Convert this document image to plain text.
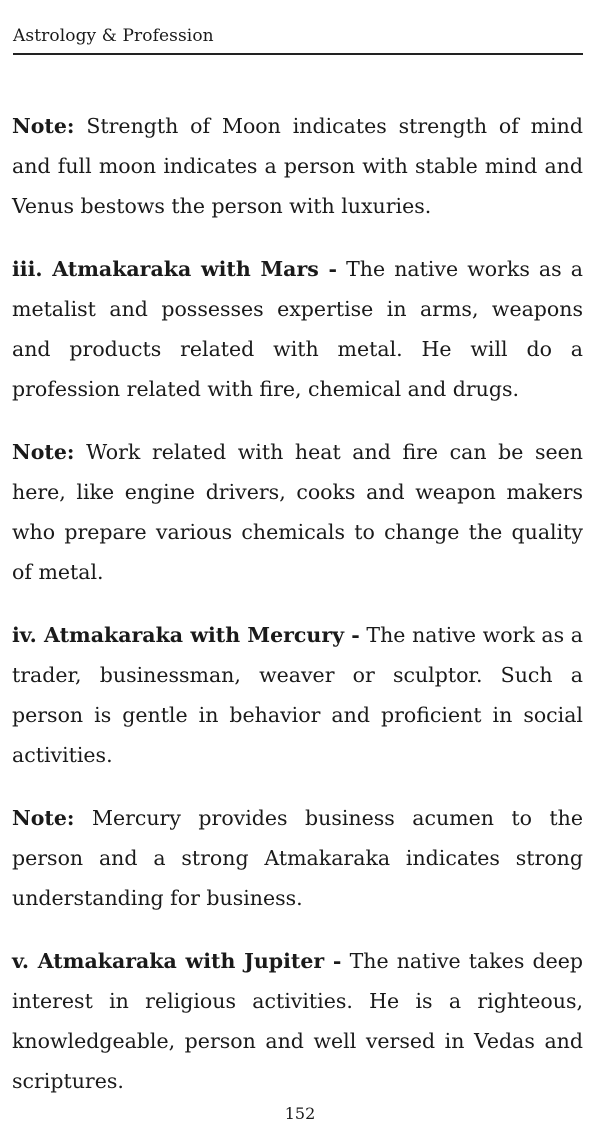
Astrology & Profession

Note: Strength of Moon indicates strength of mind and full moon indicates a person with stable mind and Venus bestows the person with luxuries.

iii. Atmakaraka with Mars - The native works as a metalist and possesses expertise in arms, weapons and products related with metal. He will do a profession related with fire, chemical and drugs.

Note: Work related with heat and fire can be seen here, like engine drivers, cooks and weapon makers who prepare various chemicals to change the quality of metal.

iv. Atmakaraka with Mercury - The native work as a trader, businessman, weaver or sculptor. Such a person is gentle in behavior and proficient in social activities.

Note: Mercury provides business acumen to the person and a strong Atmakaraka indicates strong understanding for business.

v. Atmakaraka with Jupiter - The native takes deep interest in religious activities. He is a righteous, knowledgeable, person and well versed in Vedas and scriptures.

152
